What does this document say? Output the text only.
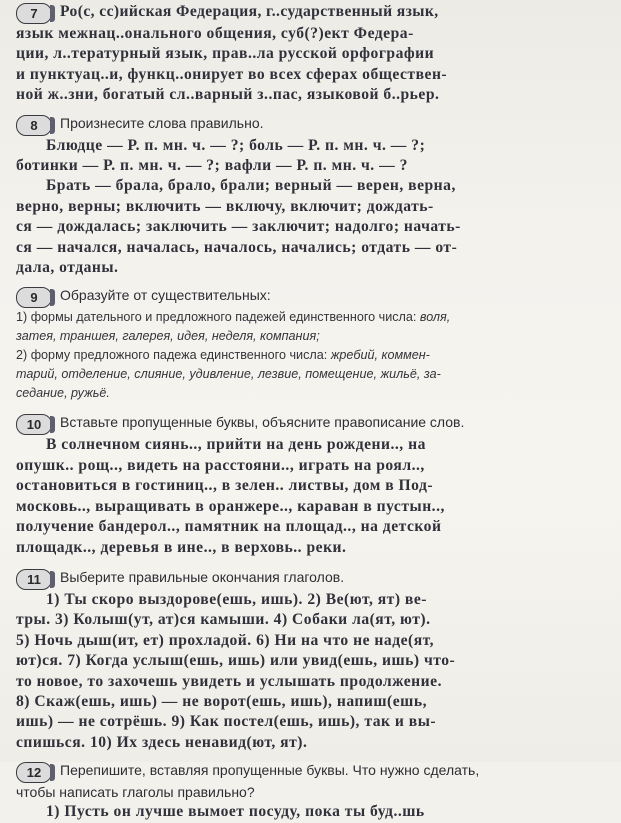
7	Ро(с, сс)ийская Федерация, г..сударственный язык,
язык межнац..онального общения, суб(?)ект Федера-
ции, л..тературный язык, прав..ла русской орфографии
и пунктуац..и, функц..онирует во всех сферах обществен-
ной ж..зни, богатый сл..варный з..пас, языковой б..рьер.
8	Произнесите слова правильно.
Блюдце — Р. п. мн. ч. — ?; боль — Р. п. мн. ч. — ?;
ботинки — Р. п. мн. ч. — ?; вафли — Р. п. мн. ч. — ?
Брать — брала, брало, брали; верный — верен, верна,
верно, верны; включить — включу, включит; дождать-
ся — дождалась; заключить — заключит; надолго; начать-
ся — начался, началась, началось, начались; отдать — от-
дала, отданы.
9	Образуйте от существительных:
1) формы дательного и предложного падежей единственного числа: воля,
затея, траншея, галерея, идея, неделя, компания;
2) форму предложного падежа единственного числа: жребий, коммен-
тарий, отделение, слияние, удивление, лезвие, помещение, жильё, за-
седание, ружьё.
10	Вставьте пропущенные буквы, объясните правописание слов.
В солнечном сиянь.., прийти на день рождени.., на
опушк.. рощ.., видеть на расстояни.., играть на роял..,
остановиться в гостиниц.., в зелен.. листвы, дом в Под-
московь.., выращивать в оранжере.., караван в пустын..,
получение бандерол.., памятник на площад.., на детской
площадк.., деревья в ине.., в верховь.. реки.
11	Выберите правильные окончания глаголов.
1) Ты скоро выздорове(ешь, ишь). 2) Ве(ют, ят) ве-
тры. 3) Колыш(ут, ат)ся камыши. 4) Собаки ла(ят, ют).
5) Ночь дыш(ит, ет) прохладой. 6) Ни на что не наде(ят,
ют)ся. 7) Когда услыш(ешь, ишь) или увид(ешь, ишь) что-
то новое, то захочешь увидеть и услышать продолжение.
8) Скаж(ешь, ишь) — не ворот(ешь, ишь), напиш(ешь,
ишь) — не сотрёшь. 9) Как постел(ешь, ишь), так и вы-
спишься. 10) Их здесь ненавид(ют, ят).
12	Перепишите, вставляя пропущенные буквы. Что нужно сделать,
чтобы написать глаголы правильно?
1) Пусть он лучше вымоет посуду, пока ты буд..шь
